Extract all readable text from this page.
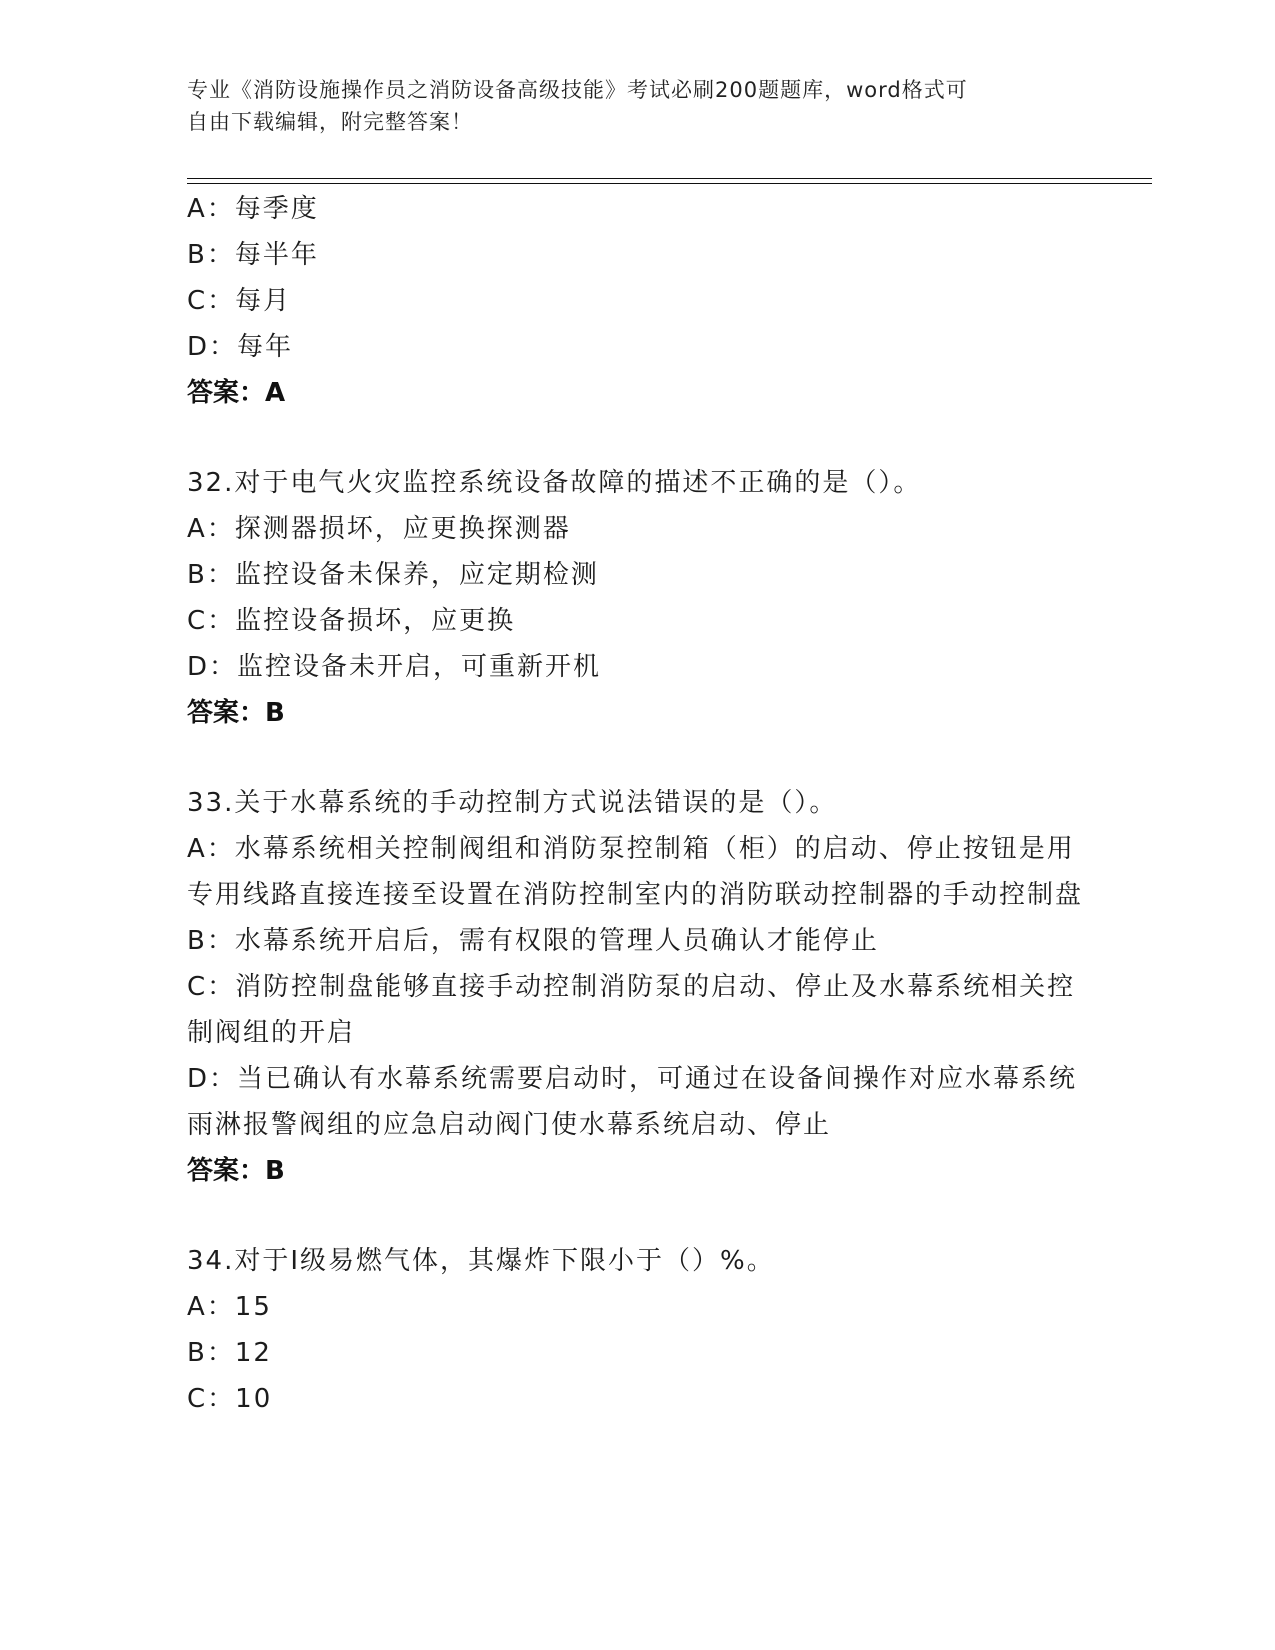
专业《消防设施操作员之消防设备高级技能》考试必刷200题题库，word格式可
自由下载编辑，附完整答案！
A：每季度
B：每半年
C：每月
D：每年
答案：A
32.对于电气火灾监控系统设备故障的描述不正确的是（）。
A：探测器损坏，应更换探测器
B：监控设备未保养，应定期检测
C：监控设备损坏，应更换
D：监控设备未开启，可重新开机
答案：B
33.关于水幕系统的手动控制方式说法错误的是（）。
A：水幕系统相关控制阀组和消防泵控制箱（柜）的启动、停止按钮是用专用线路直接连接至设置在消防控制室内的消防联动控制器的手动控制盘
B：水幕系统开启后，需有权限的管理人员确认才能停止
C：消防控制盘能够直接手动控制消防泵的启动、停止及水幕系统相关控制阀组的开启
D：当已确认有水幕系统需要启动时，可通过在设备间操作对应水幕系统雨淋报警阀组的应急启动阀门使水幕系统启动、停止
答案：B
34.对于Ⅰ级易燃气体，其爆炸下限小于（）%。
A：15
B：12
C：10
